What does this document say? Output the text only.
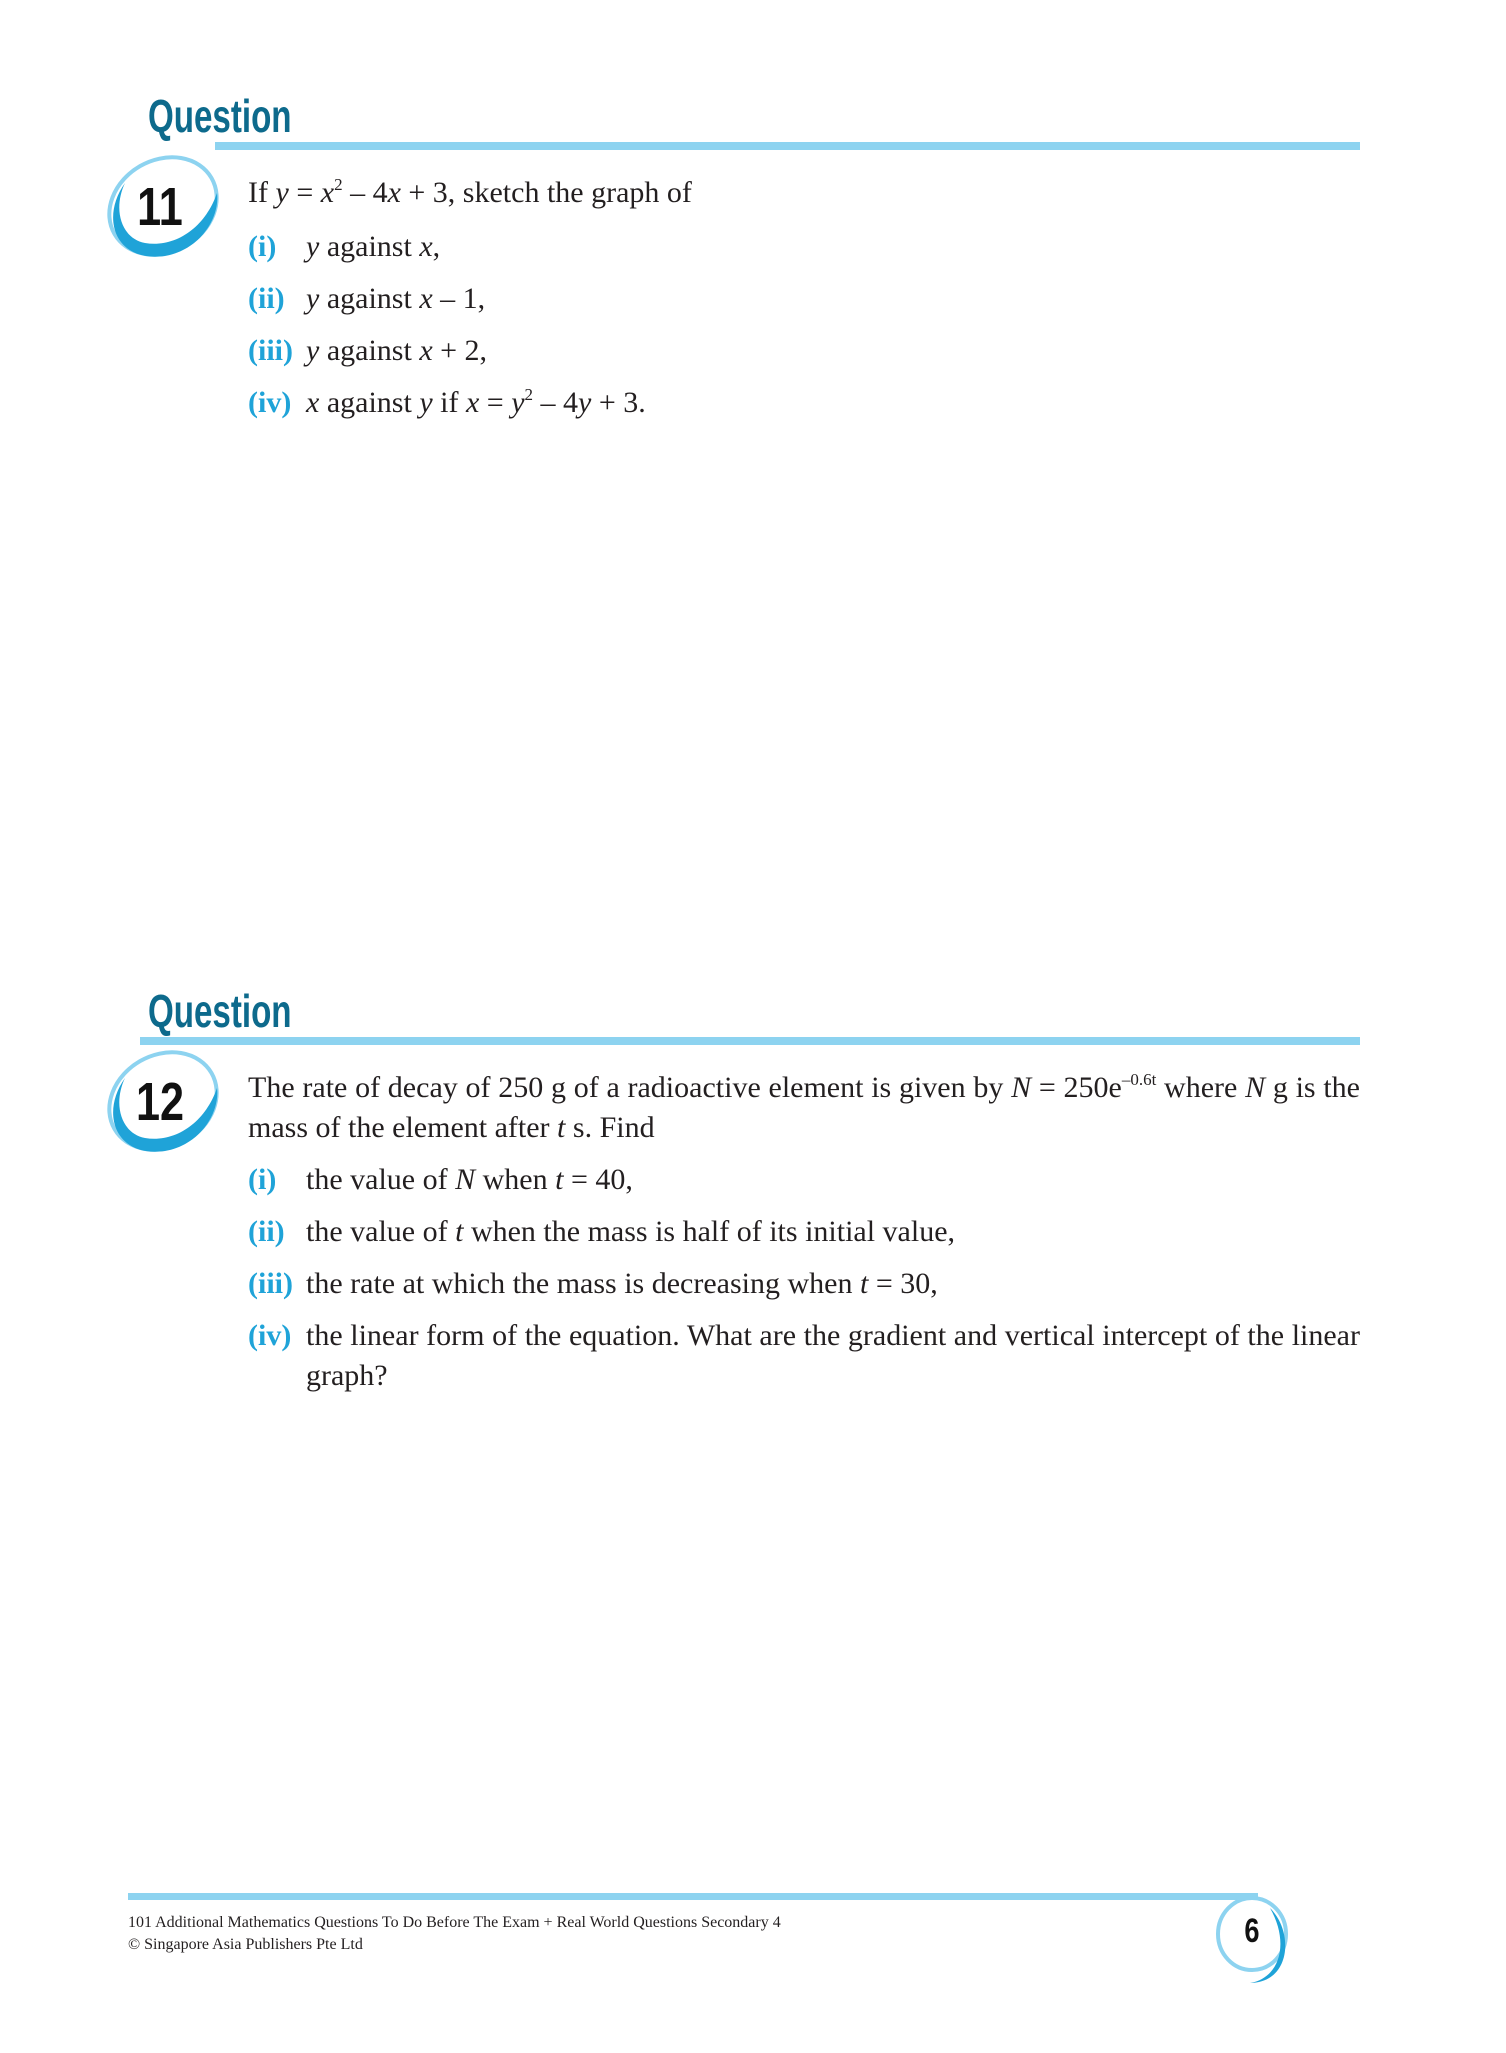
Question
11	If $y = x^2 - 4x + 3$, sketch the graph of
(i) y against x,
(ii) y against x – 1,
(iii) y against x + 2,
(iv) x against y if $x = y^2 - 4y + 3$.
Question
12	The rate of decay of 250 g of a radioactive element is given by $N = 250e^{-0.6t}$ where N g is the mass of the element after t s. Find
(i) the value of N when t = 40,
(ii) the value of t when the mass is half of its initial value,
(iii) the rate at which the mass is decreasing when t = 30,
(iv) the linear form of the equation. What are the gradient and vertical intercept of the linear graph?
101 Additional Mathematics Questions To Do Before The Exam + Real World Questions Secondary 4
© Singapore Asia Publishers Pte Ltd	6
